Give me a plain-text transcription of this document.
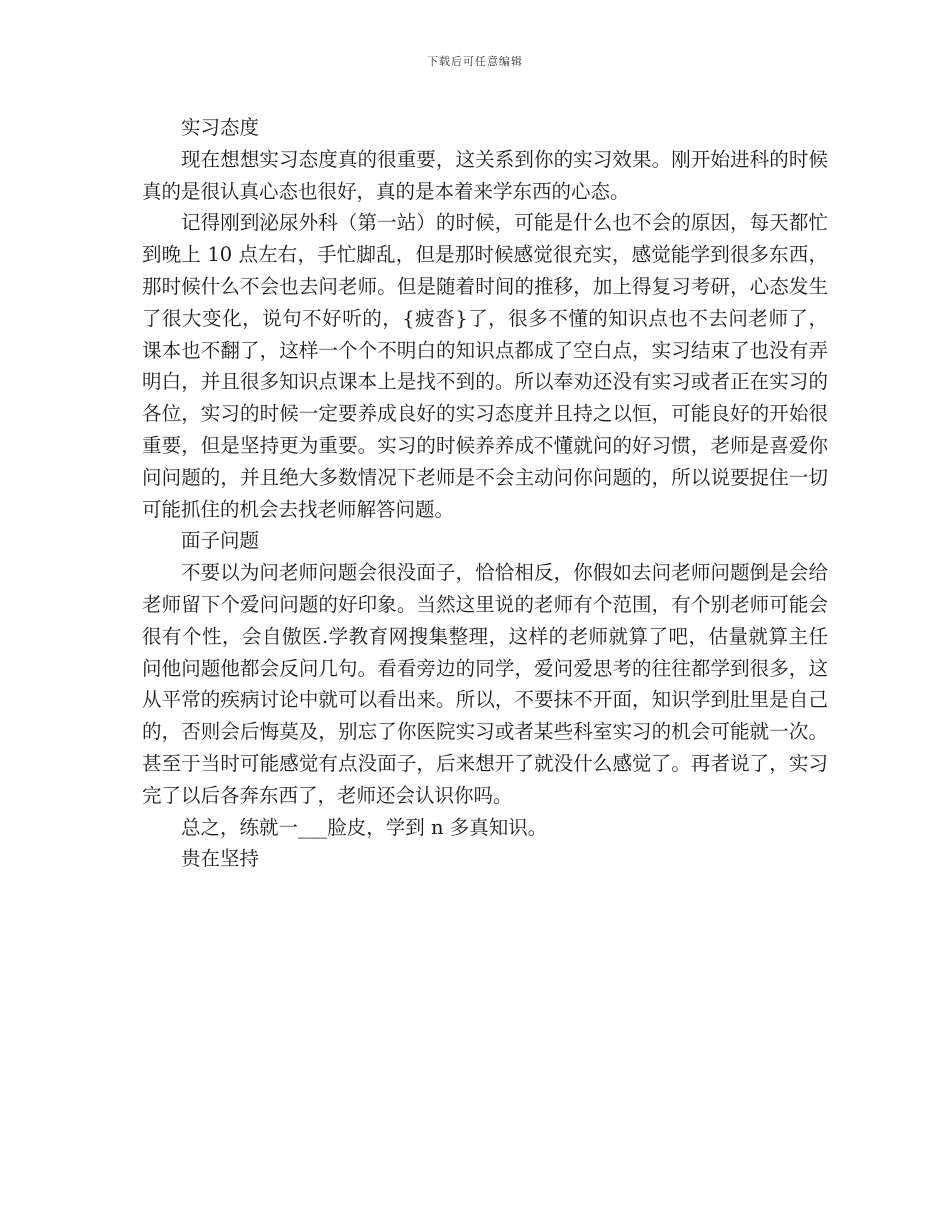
下载后可任意编辑

实习态度

现在想想实习态度真的很重要，这关系到你的实习效果。刚开始进科的时候真的是很认真心态也很好，真的是本着来学东西的心态。

记得刚到泌尿外科（第一站）的时候，可能是什么也不会的原因，每天都忙到晚上 10 点左右，手忙脚乱，但是那时候感觉很充实，感觉能学到很多东西，那时候什么不会也去问老师。但是随着时间的推移，加上得复习考研，心态发生了很大变化，说句不好听的，{疲沓}了，很多不懂的知识点也不去问老师了，课本也不翻了，这样一个个不明白的知识点都成了空白点，实习结束了也没有弄明白，并且很多知识点课本上是找不到的。所以奉劝还没有实习或者正在实习的各位，实习的时候一定要养成良好的实习态度并且持之以恒，可能良好的开始很重要，但是坚持更为重要。实习的时候养养成不懂就问的好习惯，老师是喜爱你问问题的，并且绝大多数情况下老师是不会主动问你问题的，所以说要捉住一切可能抓住的机会去找老师解答问题。

面子问题

不要以为问老师问题会很没面子，恰恰相反，你假如去问老师问题倒是会给老师留下个爱问问题的好印象。当然这里说的老师有个范围，有个别老师可能会很有个性，会自傲医.学教育网搜集整理，这样的老师就算了吧，估量就算主任问他问题他都会反问几句。看看旁边的同学，爱问爱思考的往往都学到很多，这从平常的疾病讨论中就可以看出来。所以，不要抹不开面，知识学到肚里是自己的，否则会后悔莫及，别忘了你医院实习或者某些科室实习的机会可能就一次。甚至于当时可能感觉有点没面子，后来想开了就没什么感觉了。再者说了，实习完了以后各奔东西了，老师还会认识你吗。

总之，练就一___脸皮，学到 n 多真知识。

贵在坚持
